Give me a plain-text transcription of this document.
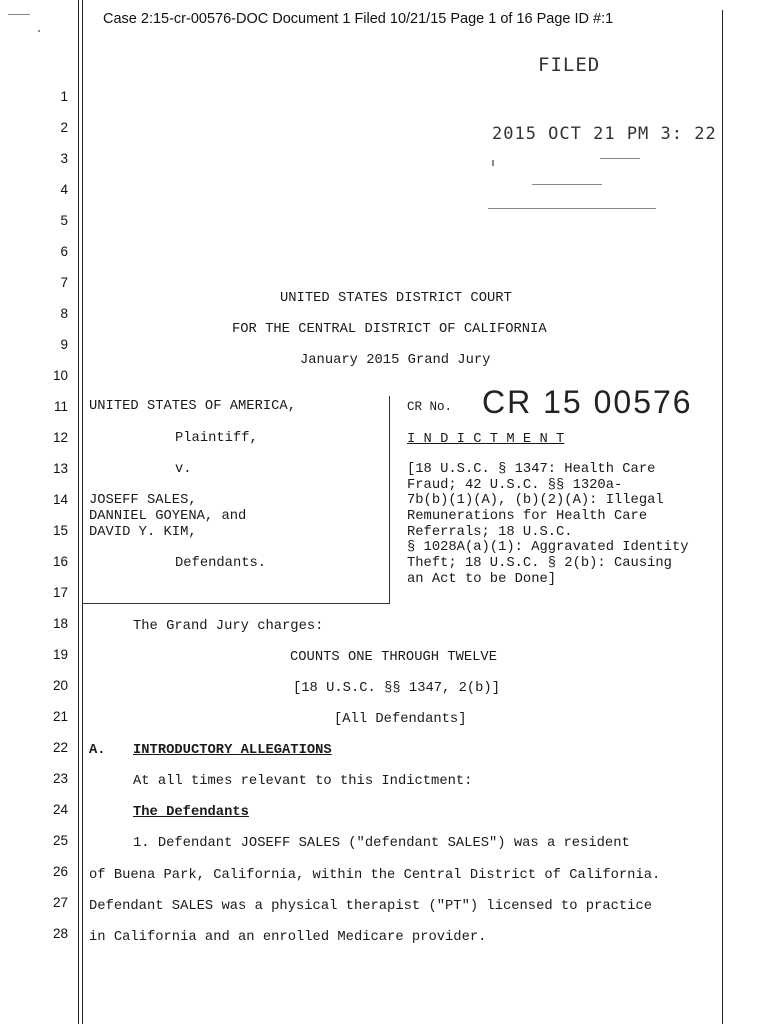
Case 2:15-cr-00576-DOC Document 1 Filed 10/21/15 Page 1 of 16 Page ID #:1
FILED
2015 OCT 21 PM 3: 22
1
2
3
4
5
6
7
8
9
10
11
12
13
14
15
16
17
18
19
20
21
22
23
24
25
26
27
28
UNITED STATES DISTRICT COURT
FOR THE CENTRAL DISTRICT OF CALIFORNIA
January 2015 Grand Jury
UNITED STATES OF AMERICA,
Plaintiff,
v.
JOSEFF SALES,
DANNIEL GOYENA, and
DAVID Y. KIM,
Defendants.
CR No. CR 15 00576
I N D I C T M E N T
[18 U.S.C. § 1347: Health Care
Fraud; 42 U.S.C. §§ 1320a-
7b(b)(1)(A), (b)(2)(A): Illegal
Remunerations for Health Care
Referrals; 18 U.S.C.
§ 1028A(a)(1): Aggravated Identity
Theft; 18 U.S.C. § 2(b): Causing
an Act to be Done]
The Grand Jury charges:
COUNTS ONE THROUGH TWELVE
[18 U.S.C. §§ 1347, 2(b)]
[All Defendants]
A. INTRODUCTORY ALLEGATIONS
At all times relevant to this Indictment:
The Defendants
1. Defendant JOSEFF SALES ("defendant SALES") was a resident
of Buena Park, California, within the Central District of California.
Defendant SALES was a physical therapist ("PT") licensed to practice
in California and an enrolled Medicare provider.
